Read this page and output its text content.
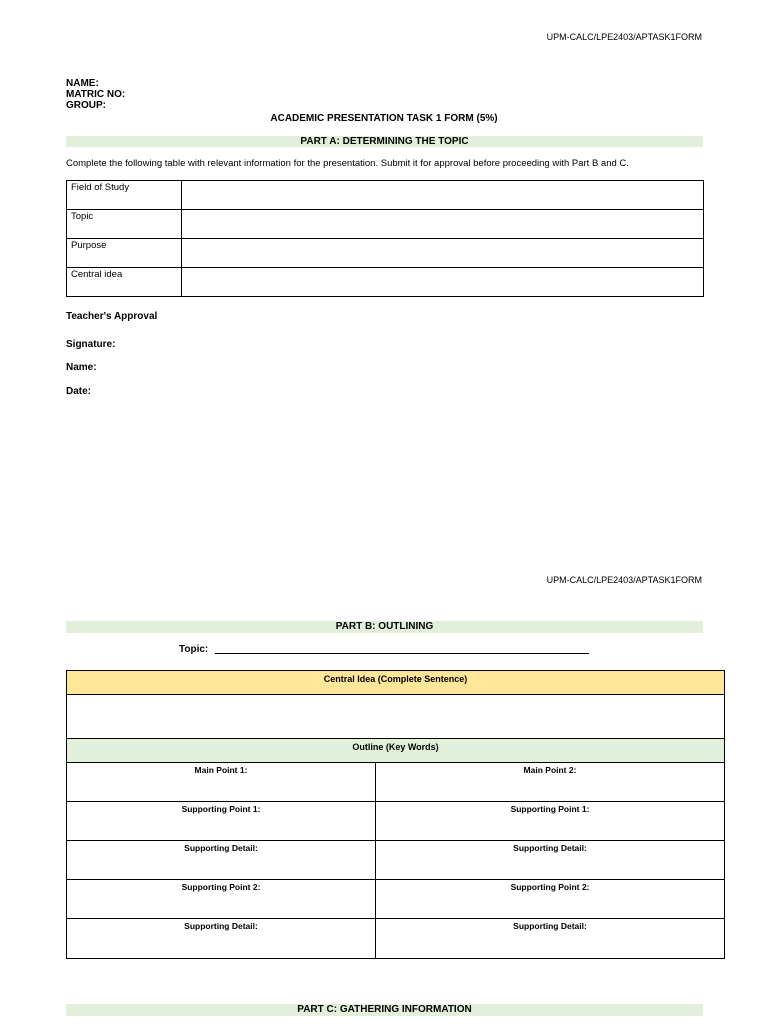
UPM-CALC/LPE2403/APTASK1FORM
NAME:
MATRIC NO:
GROUP:
ACADEMIC PRESENTATION TASK 1 FORM (5%)
PART A: DETERMINING THE TOPIC
Complete the following table with relevant information for the presentation. Submit it for approval before proceeding with Part B and C.
Field of Study	
Topic	
Purpose	
Central idea	
Teacher's Approval
Signature:
Name:
Date:
UPM-CALC/LPE2403/APTASK1FORM
PART B: OUTLINING
Topic:
Central Idea (Complete Sentence)
Outline (Key Words)
Main Point 1:	Main Point 2:
Supporting Point 1:	Supporting Point 1:
Supporting Detail:	Supporting Detail:
Supporting Point 2:	Supporting Point 2:
Supporting Detail:	Supporting Detail:
PART C: GATHERING INFORMATION
